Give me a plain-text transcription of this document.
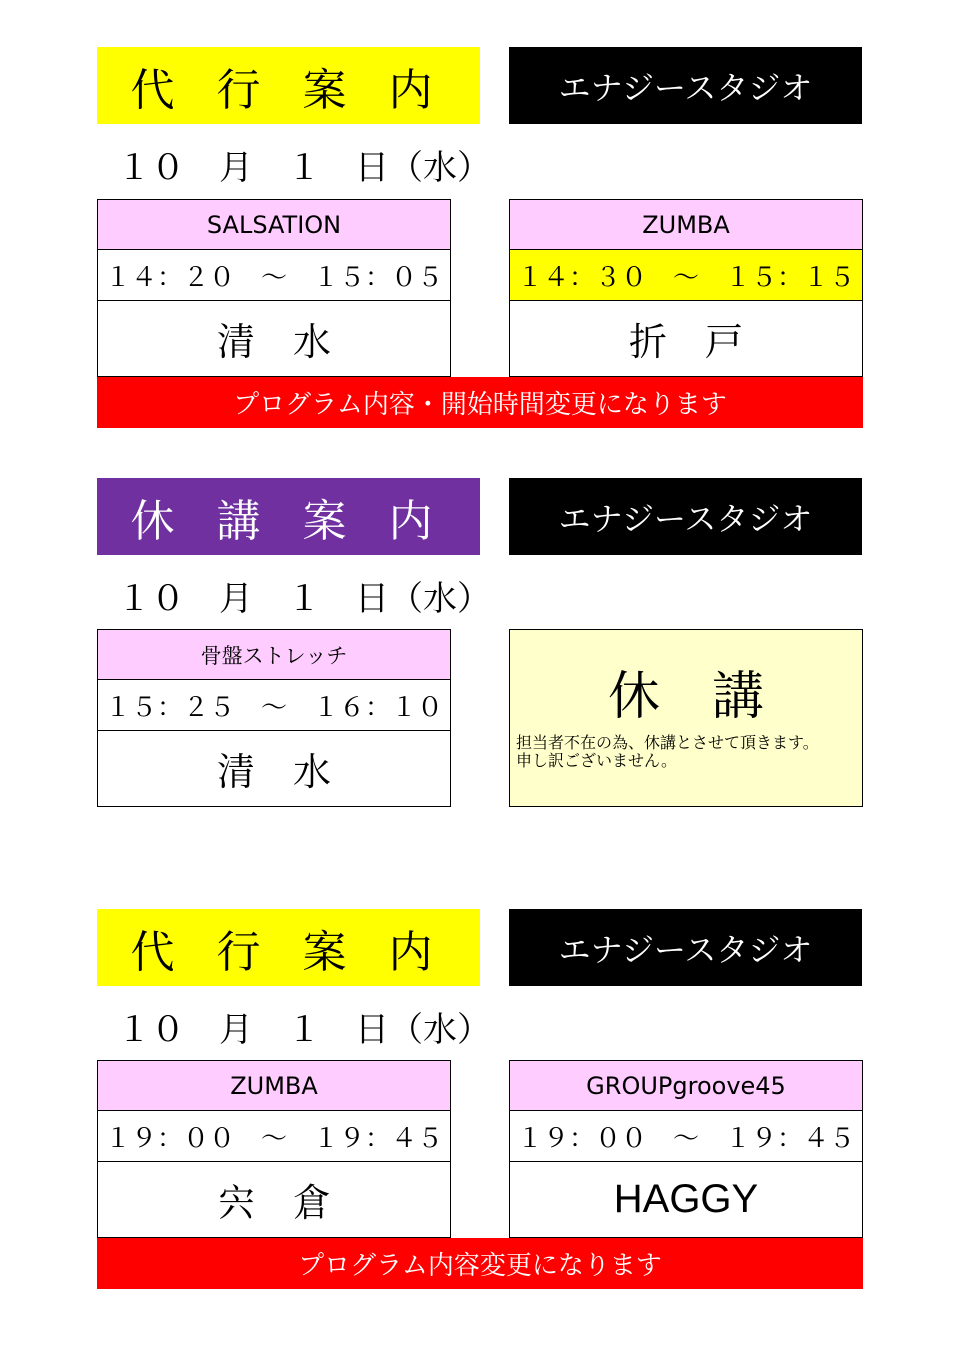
代 行 案 内	エナジースタジオ
１０　月　１　日（水）
SALSATION
１４：２０　～　１５：０５
清　水
ZUMBA
１４：３０　～　１５：１５
折　戸
プログラム内容・開始時間変更になります
休 講 案 内	エナジースタジオ
１０　月　１　日（水）
骨盤ストレッチ
１５：２５　～　１６：１０
清　水
休　講
担当者不在の為、休講とさせて頂きます。
申し訳ございません。
代 行 案 内	エナジースタジオ
１０　月　１　日（水）
ZUMBA
１９：００　～　１９：４５
宍　倉
GROUPgroove45
１９：００　～　１９：４５
HAGGY
プログラム内容変更になります
